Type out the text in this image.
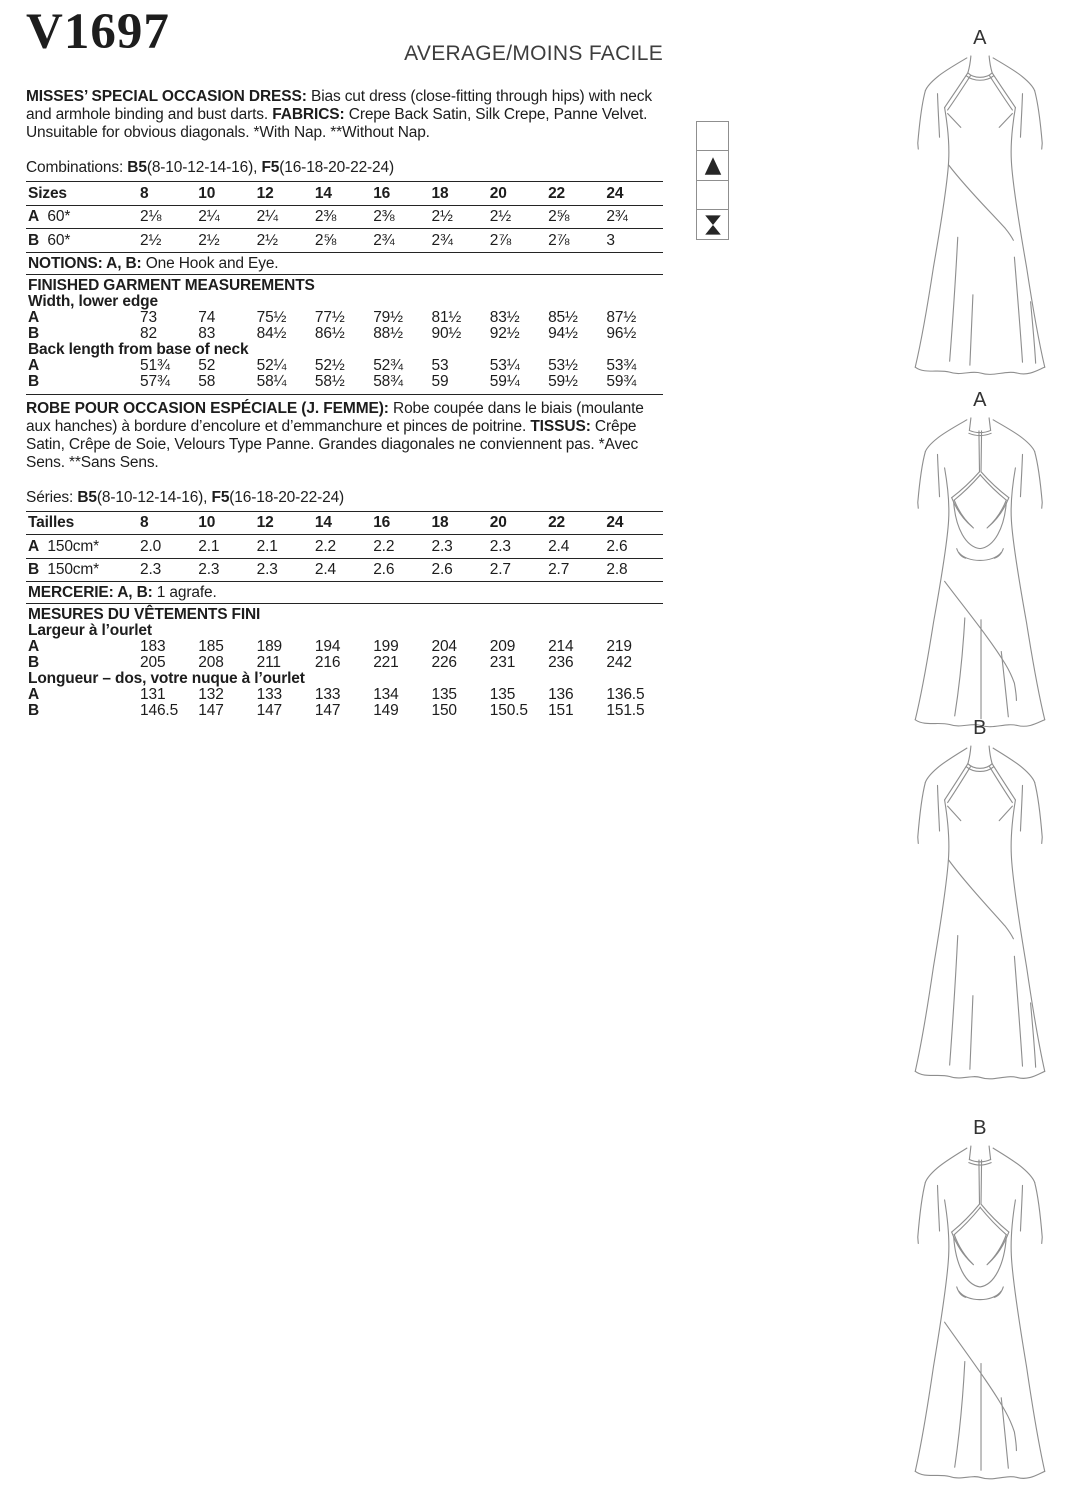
V1697	AVERAGE/MOINS FACILE

MISSES’ SPECIAL OCCASION DRESS: Bias cut dress (close-fitting through hips) with neck and armhole binding and bust darts. FABRICS: Crepe Back Satin, Silk Crepe, Panne Velvet. Unsuitable for obvious diagonals. *With Nap. **Without Nap.

Combinations: B5(8-10-12-14-16), F5(16-18-20-22-24)

Sizes	8	10	12	14	16	18	20	22	24
A 60*	2⅛	2¼	2¼	2⅜	2⅜	2½	2½	2⅝	2¾
B 60*	2½	2½	2½	2⅝	2¾	2¾	2⅞	2⅞	3
NOTIONS: A, B: One Hook and Eye.
FINISHED GARMENT MEASUREMENTS
Width, lower edge
A	73	74	75½	77½	79½	81½	83½	85½	87½
B	82	83	84½	86½	88½	90½	92½	94½	96½
Back length from base of neck
A	51¾	52	52¼	52½	52¾	53	53¼	53½	53¾
B	57¾	58	58¼	58½	58¾	59	59¼	59½	59¾

ROBE POUR OCCASION ESPÉCIALE (J. FEMME): Robe coupée dans le biais (moulante aux hanches) à bordure d’encolure et d’emmanchure et pinces de poitrine. TISSUS: Crêpe Satin, Crêpe de Soie, Velours Type Panne. Grandes diagonales ne conviennent pas. *Avec Sens. **Sans Sens.

Séries: B5(8-10-12-14-16), F5(16-18-20-22-24)

Tailles	8	10	12	14	16	18	20	22	24
A 150cm*	2.0	2.1	2.1	2.2	2.2	2.3	2.3	2.4	2.6
B 150cm*	2.3	2.3	2.3	2.4	2.6	2.6	2.7	2.7	2.8
MERCERIE: A, B: 1 agrafe.
MESURES DU VÊTEMENTS FINI
Largeur à l’ourlet
A	183	185	189	194	199	204	209	214	219
B	205	208	211	216	221	226	231	236	242
Longueur – dos, votre nuque à l’ourlet
A	131	132	133	133	134	135	135	136	136.5
B	146.5	147	147	147	149	150	150.5	151	151.5
A
A
B
B
